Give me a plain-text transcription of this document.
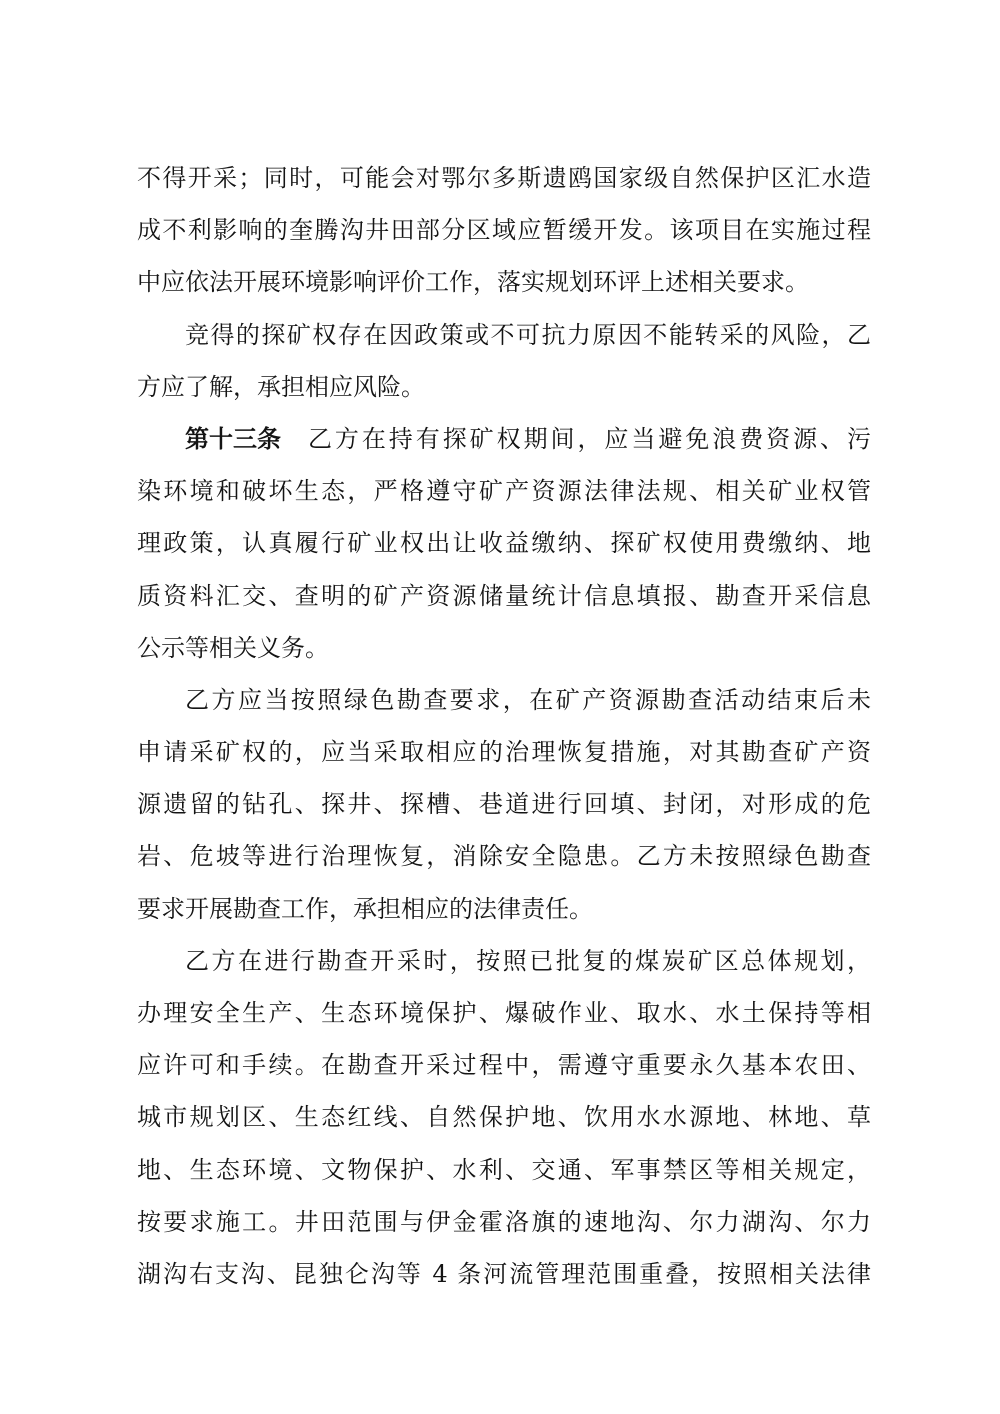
不得开采；同时，可能会对鄂尔多斯遗鸥国家级自然保护区汇水造
成不利影响的奎腾沟井田部分区域应暂缓开发。该项目在实施过程
中应依法开展环境影响评价工作，落实规划环评上述相关要求。
竞得的探矿权存在因政策或不可抗力原因不能转采的风险，乙
方应了解，承担相应风险。
第十三条 乙方在持有探矿权期间，应当避免浪费资源、污
染环境和破坏生态，严格遵守矿产资源法律法规、相关矿业权管
理政策，认真履行矿业权出让收益缴纳、探矿权使用费缴纳、地
质资料汇交、查明的矿产资源储量统计信息填报、勘查开采信息
公示等相关义务。
乙方应当按照绿色勘查要求，在矿产资源勘查活动结束后未
申请采矿权的，应当采取相应的治理恢复措施，对其勘查矿产资
源遗留的钻孔、探井、探槽、巷道进行回填、封闭，对形成的危
岩、危坡等进行治理恢复，消除安全隐患。乙方未按照绿色勘查
要求开展勘查工作，承担相应的法律责任。
乙方在进行勘查开采时，按照已批复的煤炭矿区总体规划，
办理安全生产、生态环境保护、爆破作业、取水、水土保持等相
应许可和手续。在勘查开采过程中，需遵守重要永久基本农田、
城市规划区、生态红线、自然保护地、饮用水水源地、林地、草
地、生态环境、文物保护、水利、交通、军事禁区等相关规定，
按要求施工。井田范围与伊金霍洛旗的速地沟、尔力湖沟、尔力
湖沟右支沟、昆独仑沟等 4 条河流管理范围重叠，按照相关法律
